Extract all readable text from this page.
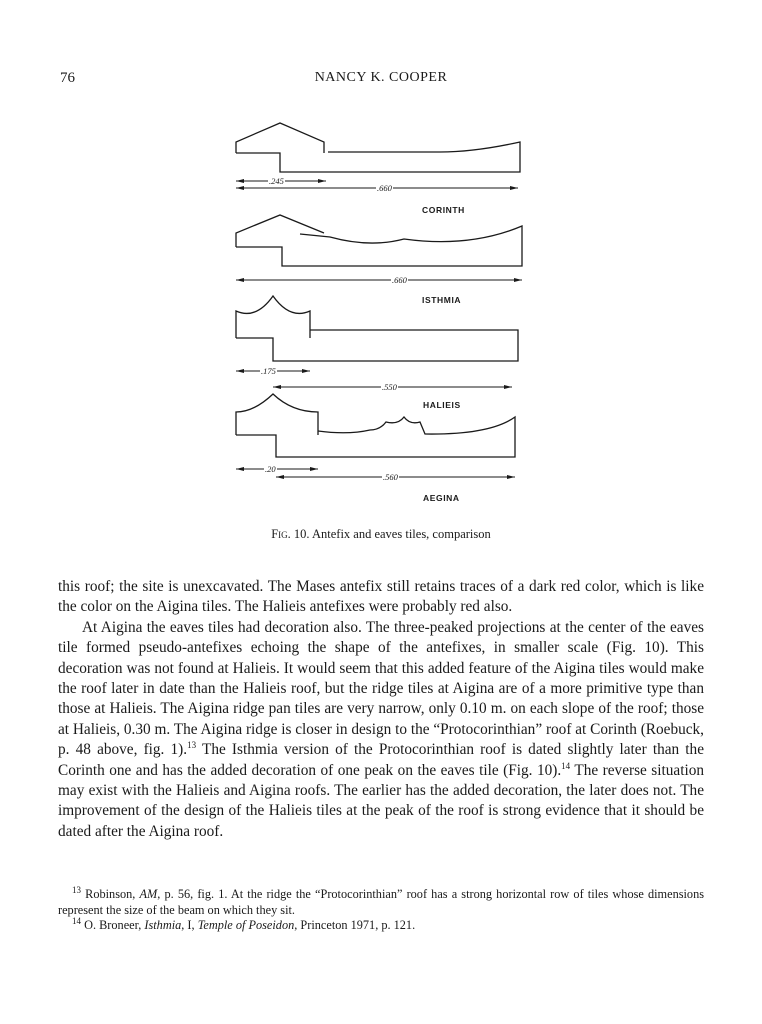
76	NANCY K. COOPER
.245
.660
CORINTH
.660
ISTHMIA
.175
.550
HALIEIS
.20
.560
AEGINA
Fig. 10. Antefix and eaves tiles, comparison

this roof; the site is unexcavated. The Mases antefix still retains traces of a dark red color, which is like the color on the Aigina tiles. The Halieis antefixes were probably red also.

At Aigina the eaves tiles had decoration also. The three-peaked projections at the center of the eaves tile formed pseudo-antefixes echoing the shape of the antefixes, in smaller scale (Fig. 10). This decoration was not found at Halieis. It would seem that this added feature of the Aigina tiles would make the roof later in date than the Halieis roof, but the ridge tiles at Aigina are of a more primitive type than those at Halieis. The Aigina ridge pan tiles are very narrow, only 0.10 m. on each slope of the roof; those at Halieis, 0.30 m. The Aigina ridge is closer in design to the “Protocorinthian” roof at Corinth (Roebuck, p. 48 above, fig. 1).$^{13}$ The Isthmia version of the Protocorinthian roof is dated slightly later than the Corinth one and has the added decoration of one peak on the eaves tile (Fig. 10).$^{14}$ The reverse situation may exist with the Halieis and Aigina roofs. The earlier has the added decoration, the later does not. The improvement of the design of the Halieis tiles at the peak of the roof is strong evidence that it should be dated after the Aigina roof.

$^{13}$ Robinson, AM, p. 56, fig. 1. At the ridge the “Protocorinthian” roof has a strong horizontal row of tiles whose dimensions represent the size of the beam on which they sit.

$^{14}$ O. Broneer, Isthmia, I, Temple of Poseidon, Princeton 1971, p. 121.
